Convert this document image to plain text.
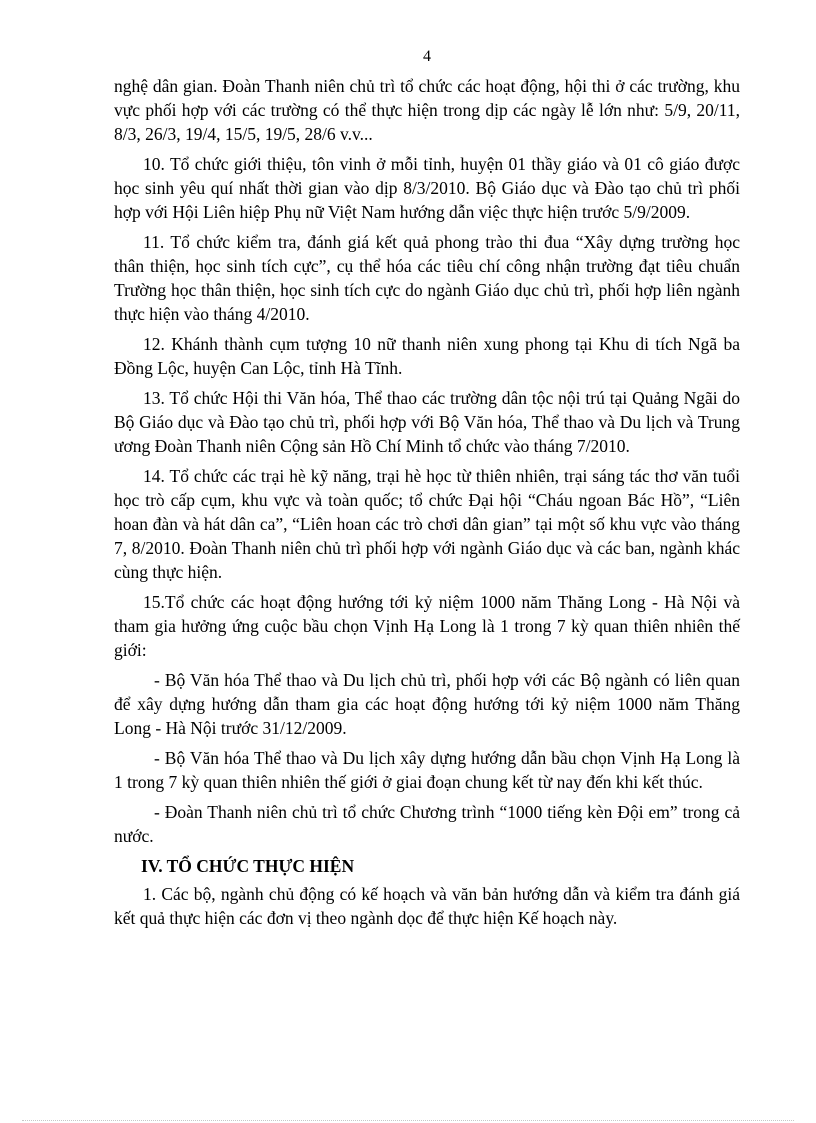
4

nghệ dân gian. Đoàn Thanh niên chủ trì tổ chức các hoạt động, hội thi ở các trường, khu vực phối hợp với các trường có thể thực hiện trong dịp các ngày lễ lớn như: 5/9, 20/11, 8/3, 26/3, 19/4, 15/5, 19/5, 28/6 v.v...

10. Tổ chức giới thiệu, tôn vinh ở mỗi tỉnh, huyện 01 thầy giáo và 01 cô giáo được học sinh yêu quí nhất thời gian vào dịp 8/3/2010. Bộ Giáo dục và Đào tạo chủ trì phối hợp với Hội Liên hiệp Phụ nữ Việt Nam hướng dẫn việc thực hiện trước 5/9/2009.

11. Tổ chức kiểm tra, đánh giá kết quả phong trào thi đua “Xây dựng trường học thân thiện, học sinh tích cực”, cụ thể hóa các tiêu chí công nhận trường đạt tiêu chuẩn Trường học thân thiện, học sinh tích cực do ngành Giáo dục chủ trì, phối hợp liên ngành thực hiện vào tháng 4/2010.

12. Khánh thành cụm tượng 10 nữ thanh niên xung phong tại Khu di tích Ngã ba Đồng Lộc, huyện Can Lộc, tỉnh Hà Tĩnh.

13. Tổ chức Hội thi Văn hóa, Thể thao các trường dân tộc nội trú tại Quảng Ngãi do Bộ Giáo dục và Đào tạo chủ trì, phối hợp với Bộ Văn hóa, Thể thao và Du lịch và Trung ương Đoàn Thanh niên Cộng sản Hồ Chí Minh tổ chức vào tháng 7/2010.

14. Tổ chức các trại hè kỹ năng, trại hè học từ thiên nhiên, trại sáng tác thơ văn tuổi học trò cấp cụm, khu vực và toàn quốc; tổ chức Đại hội “Cháu ngoan Bác Hồ”, “Liên hoan đàn và hát dân ca”, “Liên hoan các trò chơi dân gian” tại một số khu vực vào tháng 7, 8/2010. Đoàn Thanh niên chủ trì phối hợp với ngành Giáo dục và các ban, ngành khác cùng thực hiện.

15.Tổ chức các hoạt động hướng tới kỷ niệm 1000 năm Thăng Long - Hà Nội và tham gia hưởng ứng cuộc bầu chọn Vịnh Hạ Long là 1 trong 7 kỳ quan thiên nhiên thế giới:

- Bộ Văn hóa Thể thao và Du lịch chủ trì, phối hợp với các Bộ ngành có liên quan để xây dựng hướng dẫn tham gia các hoạt động hướng tới kỷ niệm 1000 năm Thăng Long - Hà Nội trước 31/12/2009.

- Bộ Văn hóa Thể thao và Du lịch xây dựng hướng dẫn bầu chọn Vịnh Hạ Long là 1 trong 7 kỳ quan thiên nhiên thế giới ở giai đoạn chung kết từ nay đến khi kết thúc.

- Đoàn Thanh niên chủ trì tổ chức Chương trình “1000 tiếng kèn Đội em” trong cả nước.

IV. TỔ CHỨC THỰC HIỆN

1. Các bộ, ngành chủ động có kế hoạch và văn bản hướng dẫn và kiểm tra đánh giá kết quả thực hiện các đơn vị theo ngành dọc để thực hiện Kế hoạch này.
